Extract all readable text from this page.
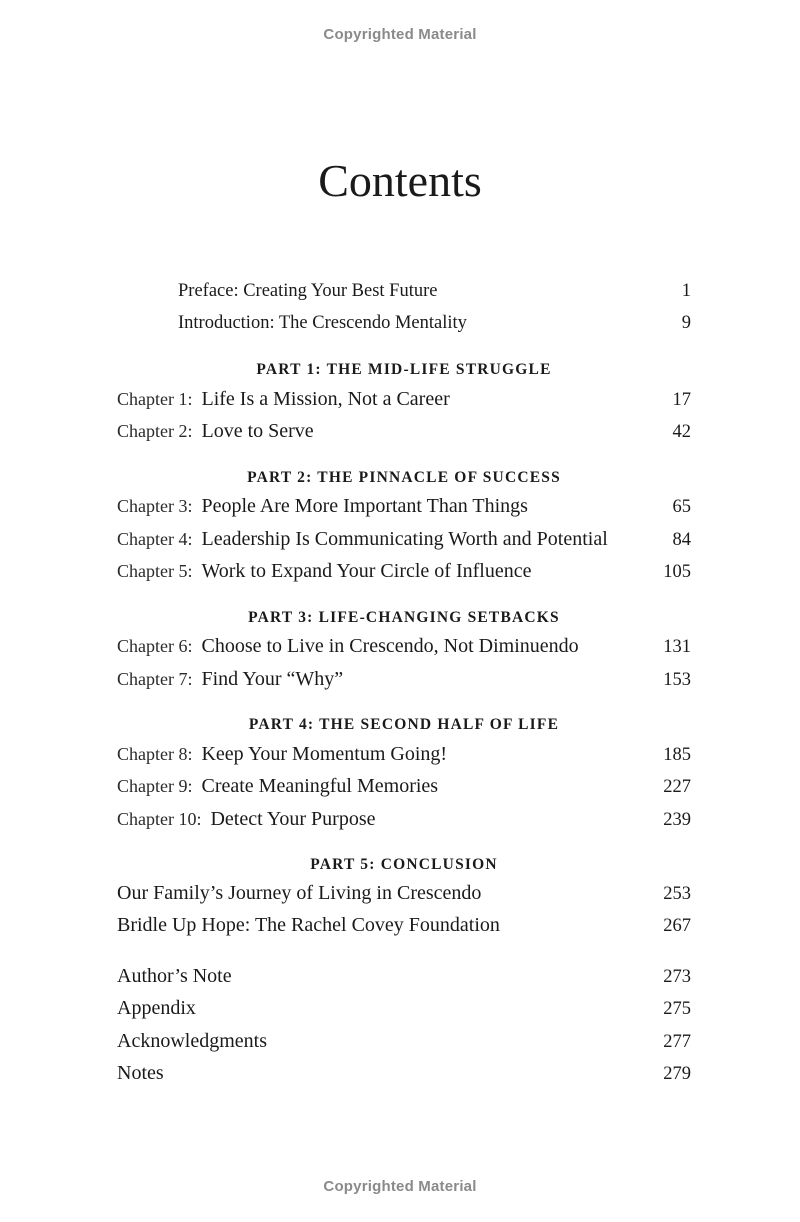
Copyrighted Material
Contents
Preface: Creating Your Best Future	1
Introduction: The Crescendo Mentality	9
PART 1: THE MID-LIFE STRUGGLE
Chapter 1: Life Is a Mission, Not a Career	17
Chapter 2: Love to Serve	42
PART 2: THE PINNACLE OF SUCCESS
Chapter 3: People Are More Important Than Things	65
Chapter 4: Leadership Is Communicating Worth and Potential	84
Chapter 5: Work to Expand Your Circle of Influence	105
PART 3: LIFE-CHANGING SETBACKS
Chapter 6: Choose to Live in Crescendo, Not Diminuendo	131
Chapter 7: Find Your “Why”	153
PART 4: THE SECOND HALF OF LIFE
Chapter 8: Keep Your Momentum Going!	185
Chapter 9: Create Meaningful Memories	227
Chapter 10: Detect Your Purpose	239
PART 5: CONCLUSION
Our Family’s Journey of Living in Crescendo	253
Bridle Up Hope: The Rachel Covey Foundation	267
Author’s Note	273
Appendix	275
Acknowledgments	277
Notes	279
Copyrighted Material
